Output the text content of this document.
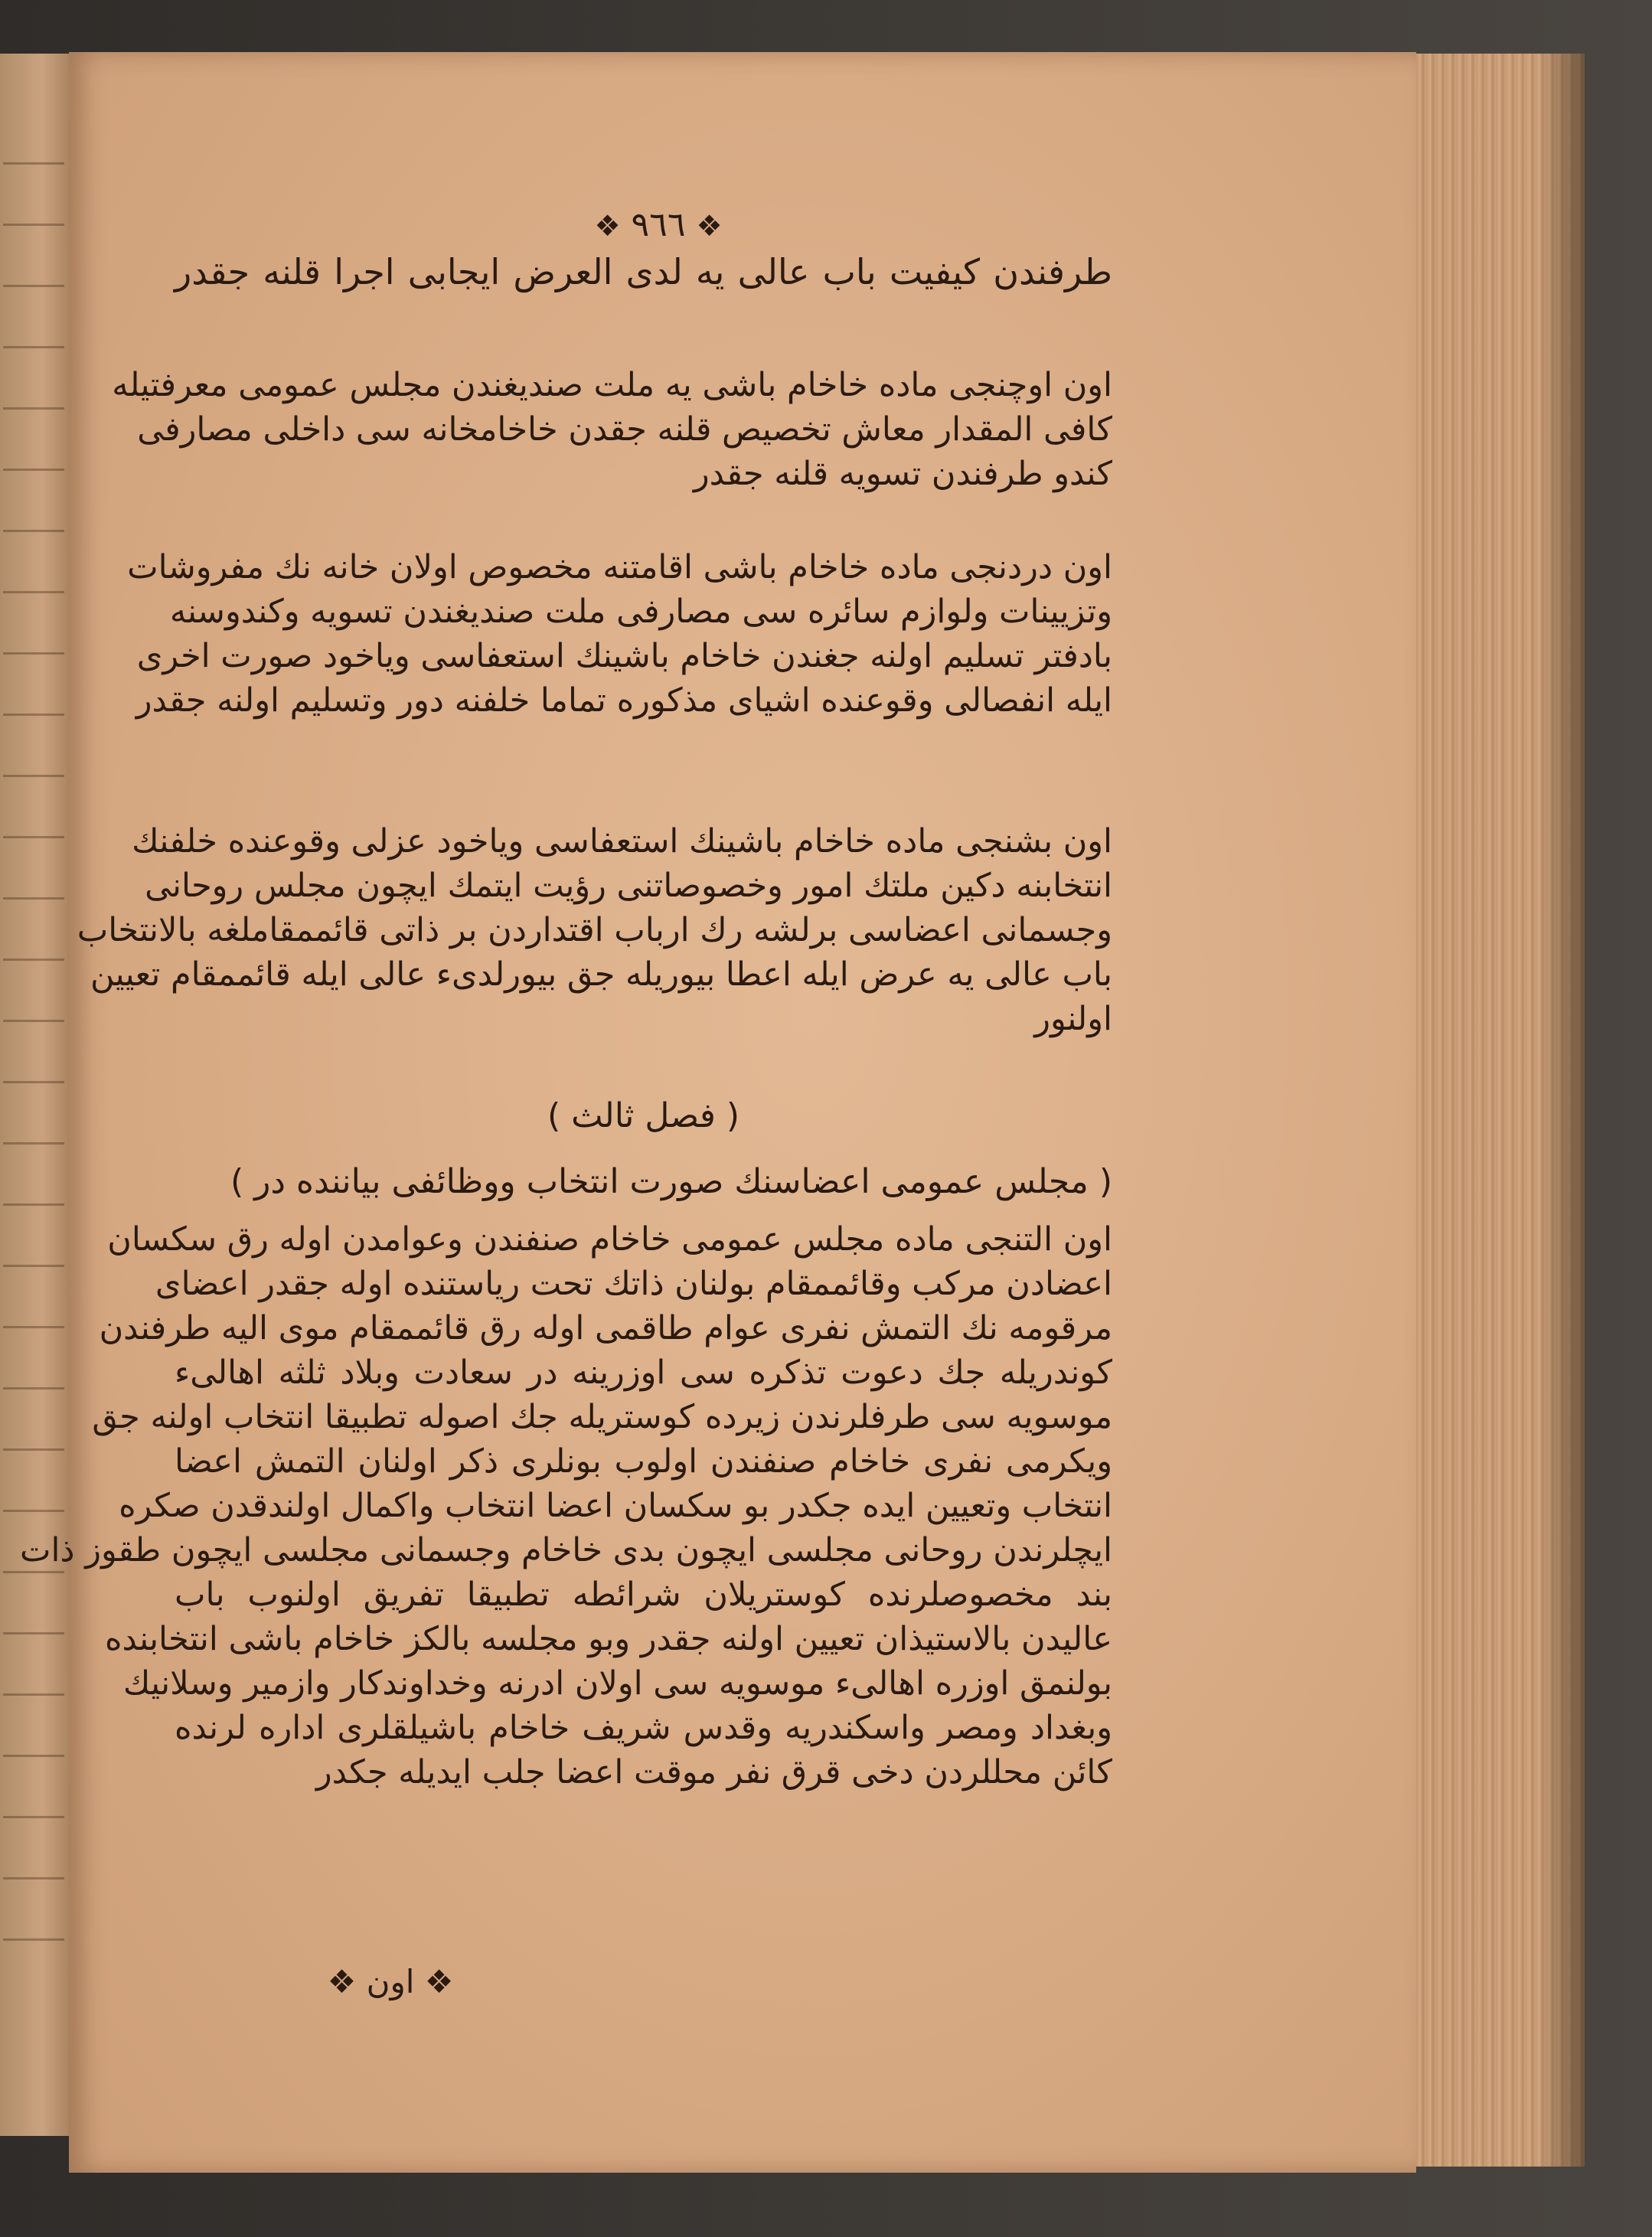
❖ ٩٦٦ ❖
طرفندن كيفيت باب عالى يه لدى العرض ايجابى اجرا قلنه جقدر
اون اوچنجى ماده خاخام باشى يه ملت صنديغندن مجلس عمومى معرفتيله
كافى المقدار معاش تخصيص قلنه جقدن خاخامخانه سى داخلى مصارفى
كندو طرفندن تسويه قلنه جقدر
اون دردنجى ماده خاخام باشى اقامتنه مخصوص اولان خانه نك مفروشات
وتزيينات ولوازم سائره سى مصارفى ملت صنديغندن تسويه وكندوسنه
بادفتر تسليم اولنه جغندن خاخام باشينك استعفاسى وياخود صورت اخرى
ايله انفصالى وقوعنده اشياى مذكوره تماما خلفنه دور وتسليم اولنه جقدر
اون بشنجى ماده خاخام باشينك استعفاسى وياخود عزلى وقوعنده خلفنك
انتخابنه دكين ملتك امور وخصوصاتنى رؤيت ايتمك ايچون مجلس روحانى
وجسمانى اعضاسى برلشه رك ارباب اقتداردن بر ذاتى قائممقاملغه بالانتخاب
باب عالى يه عرض ايله اعطا بيوريله جق بيورلدىء عالى ايله قائممقام تعيين
اولنور
( فصل ثالث )
( مجلس عمومى اعضاسنك صورت انتخاب ووظائفى بياننده در )
اون التنجى ماده مجلس عمومى خاخام صنفندن وعوامدن اوله رق سكسان
اعضادن مركب وقائممقام بولنان ذاتك تحت رياستنده اوله جقدر اعضاى
مرقومه نك التمش نفرى عوام طاقمى اوله رق قائممقام موى اليه طرفندن
كوندريله جك دعوت تذكره سى اوزرينه در سعادت وبلاد ثلثه اهالىء
موسويه سى طرفلرندن زيرده كوستريله جك اصوله تطبيقا انتخاب اولنه جق
ويكرمى نفرى خاخام صنفندن اولوب بونلرى ذكر اولنان التمش اعضا
انتخاب وتعيين ايده جكدر بو سكسان اعضا انتخاب واكمال اولندقدن صكره
ايچلرندن روحانى مجلسى ايچون بدى خاخام وجسمانى مجلسى ايچون طقوز ذات
بند مخصوصلرنده كوستريلان شرائطه تطبيقا تفريق اولنوب باب
عاليدن بالاستيذان تعيين اولنه جقدر وبو مجلسه بالكز خاخام باشى انتخابنده
بولنمق اوزره اهالىء موسويه سى اولان ادرنه وخداوندكار وازمير وسلانيك
وبغداد ومصر واسكندريه وقدس شريف خاخام باشيلقلرى اداره لرنده
كائن محللردن دخى قرق نفر موقت اعضا جلب ايديله جكدر
❖ اون ❖
